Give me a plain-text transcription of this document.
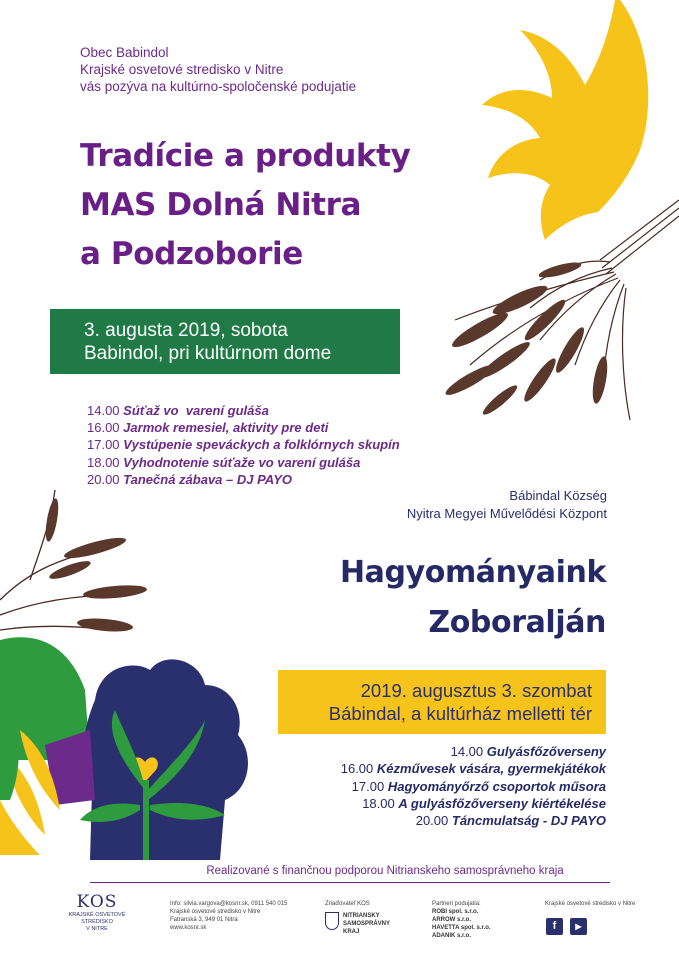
Obec Babindol
Krajské osvetové stredisko v Nitre
vás pozýva na kultúrno-spoločenské podujatie
Tradície a produkty
MAS Dolná Nitra
a Podzoborie
3. augusta 2019, sobota
Babindol, pri kultúrnom dome
14.00 Súťaž vo  varení guláša
16.00 Jarmok remesiel, aktivity pre deti
17.00 Vystúpenie speváckych a folklórnych skupín
18.00 Vyhodnotenie súťaže vo varení guláša
20.00 Tanečná zábava – DJ PAYO
Bábindal Község
Nyitra Megyei Művelődési Központ
Hagyományaink
Zoboralján
2019. augusztus 3. szombat
Bábindal, a kultúrház melletti tér
14.00 Gulyásfőzőverseny
16.00 Kézművesek vására, gyermekjátékok
17.00 Hagyományőrző csoportok műsora
18.00 A gulyásfőzőverseny kiértékelése
20.00 Táncmulatság - DJ PAYO
Realizované s finančnou podporou Nitrianskeho samosprávneho kraja
KOS
KRAJSKÉ OSVETOVÉ STREDISKO
V NITRE
Info: silvia.vargova@kosnr.sk, 0911 540 015
Krajské osvetové stredisko v Nitre
Fatranská 3, 949 01 Nitra
www.kosnr.sk
Zriaďovateľ KOS
NITRIANSKY
SAMOSPRÁVNY
KRAJ
Partneri podujatia:
ROBI spol. s.r.o.
ARROW s.r.o.
HAVETTA spol. s.r.o.
ADANIK s.r.o.
Krajské osvetové stredisko v Nitre
f	▶
